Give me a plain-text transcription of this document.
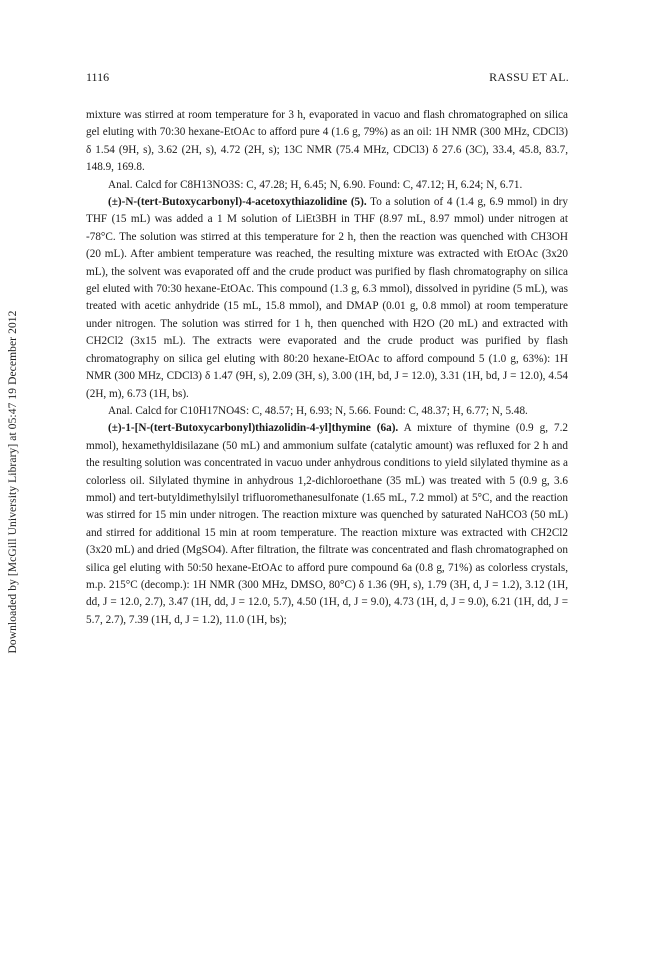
Downloaded by [McGill University Library] at 05:47 19 December 2012
1116	RASSU ET AL.

mixture was stirred at room temperature for 3 h, evaporated in vacuo and flash chromatographed on silica gel eluting with 70:30 hexane-EtOAc to afford pure 4 (1.6 g, 79%) as an oil: 1H NMR (300 MHz, CDCl3) δ 1.54 (9H, s), 3.62 (2H, s), 4.72 (2H, s); 13C NMR (75.4 MHz, CDCl3) δ 27.6 (3C), 33.4, 45.8, 83.7, 148.9, 169.8.

Anal. Calcd for C8H13NO3S: C, 47.28; H, 6.45; N, 6.90. Found: C, 47.12; H, 6.24; N, 6.71.

(±)-N-(tert-Butoxycarbonyl)-4-acetoxythiazolidine (5). To a solution of 4 (1.4 g, 6.9 mmol) in dry THF (15 mL) was added a 1 M solution of LiEt3BH in THF (8.97 mL, 8.97 mmol) under nitrogen at -78°C. The solution was stirred at this temperature for 2 h, then the reaction was quenched with CH3OH (20 mL). After ambient temperature was reached, the resulting mixture was extracted with EtOAc (3x20 mL), the solvent was evaporated off and the crude product was purified by flash chromatography on silica gel eluted with 70:30 hexane-EtOAc. This compound (1.3 g, 6.3 mmol), dissolved in pyridine (5 mL), was treated with acetic anhydride (15 mL, 15.8 mmol), and DMAP (0.01 g, 0.8 mmol) at room temperature under nitrogen. The solution was stirred for 1 h, then quenched with H2O (20 mL) and extracted with CH2Cl2 (3x15 mL). The extracts were evaporated and the crude product was purified by flash chromatography on silica gel eluting with 80:20 hexane-EtOAc to afford compound 5 (1.0 g, 63%): 1H NMR (300 MHz, CDCl3) δ 1.47 (9H, s), 2.09 (3H, s), 3.00 (1H, bd, J = 12.0), 3.31 (1H, bd, J = 12.0), 4.54 (2H, m), 6.73 (1H, bs).

Anal. Calcd for C10H17NO4S: C, 48.57; H, 6.93; N, 5.66. Found: C, 48.37; H, 6.77; N, 5.48.

(±)-1-[N-(tert-Butoxycarbonyl)thiazolidin-4-yl]thymine (6a). A mixture of thymine (0.9 g, 7.2 mmol), hexamethyldisilazane (50 mL) and ammonium sulfate (catalytic amount) was refluxed for 2 h and the resulting solution was concentrated in vacuo under anhydrous conditions to yield silylated thymine as a colorless oil. Silylated thymine in anhydrous 1,2-dichloroethane (35 mL) was treated with 5 (0.9 g, 3.6 mmol) and tert-butyldimethylsilyl trifluoromethanesulfonate (1.65 mL, 7.2 mmol) at 5°C, and the reaction was stirred for 15 min under nitrogen. The reaction mixture was quenched by saturated NaHCO3 (50 mL) and stirred for additional 15 min at room temperature. The reaction mixture was extracted with CH2Cl2 (3x20 mL) and dried (MgSO4). After filtration, the filtrate was concentrated and flash chromatographed on silica gel eluting with 50:50 hexane-EtOAc to afford pure compound 6a (0.8 g, 71%) as colorless crystals, m.p. 215°C (decomp.): 1H NMR (300 MHz, DMSO, 80°C) δ 1.36 (9H, s), 1.79 (3H, d, J = 1.2), 3.12 (1H, dd, J = 12.0, 2.7), 3.47 (1H, dd, J = 12.0, 5.7), 4.50 (1H, d, J = 9.0), 4.73 (1H, d, J = 9.0), 6.21 (1H, dd, J = 5.7, 2.7), 7.39 (1H, d, J = 1.2), 11.0 (1H, bs);
